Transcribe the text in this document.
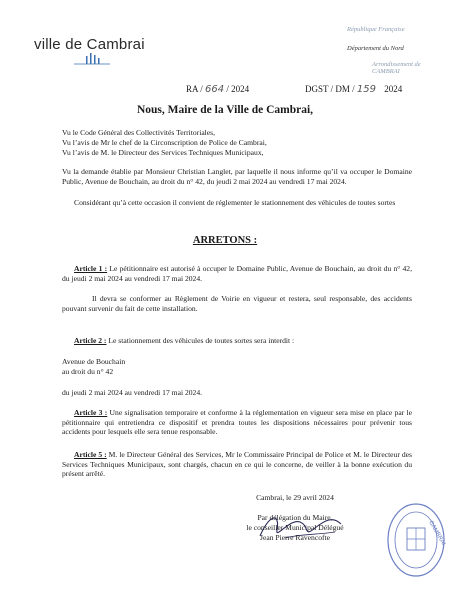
ville de Cambrai
République Française
Département du Nord
Arrondissement de CAMBRAI
RA / 664 / 2024	DGST / DM / 159 2024
Nous, Maire de la Ville de Cambrai,
Vu le Code Général des Collectivités Territoriales,
Vu l’avis de Mr le chef de la Circonscription de Police de Cambrai,
Vu l’avis de M. le Directeur des Services Techniques Municipaux,
Vu la demande établie par Monsieur Christian Langlet, par laquelle il nous informe qu’il va occuper le Domaine Public, Avenue de Bouchain, au droit du n° 42, du jeudi 2 mai 2024 au vendredi 17 mai 2024.
Considérant qu’à cette occasion il convient de réglementer le stationnement des véhicules de toutes sortes
ARRETONS :
Article 1 : Le pétitionnaire est autorisé à occuper le Domaine Public, Avenue de Bouchain, au droit du n° 42, du jeudi 2 mai 2024 au vendredi 17 mai 2024.
Il devra se conformer au Règlement de Voirie en vigueur et restera, seul responsable, des accidents pouvant survenir du fait de cette installation.
Article 2 : Le stationnement des véhicules de toutes sortes sera interdit :
Avenue de Bouchain
au droit du n° 42
du jeudi 2 mai 2024 au vendredi 17 mai 2024.
Article 3 : Une signalisation temporaire et conforme à la réglementation en vigueur sera mise en place par le pétitionnaire qui entretiendra ce dispositif et prendra toutes les dispositions nécessaires pour prévenir tous accidents pour lesquels elle sera tenue responsable.
Article 5 : M. le Directeur Général des Services, Mr le Commissaire Principal de Police et M. le Directeur des Services Techniques Municipaux, sont chargés, chacun en ce qui le concerne, de veiller à la bonne exécution du présent arrêté.
Cambrai, le 29 avril 2024
Par délégation du Maire,
le conseiller Municipal Délégué
Jean Pierre Ravencofte	CAMBRAI
